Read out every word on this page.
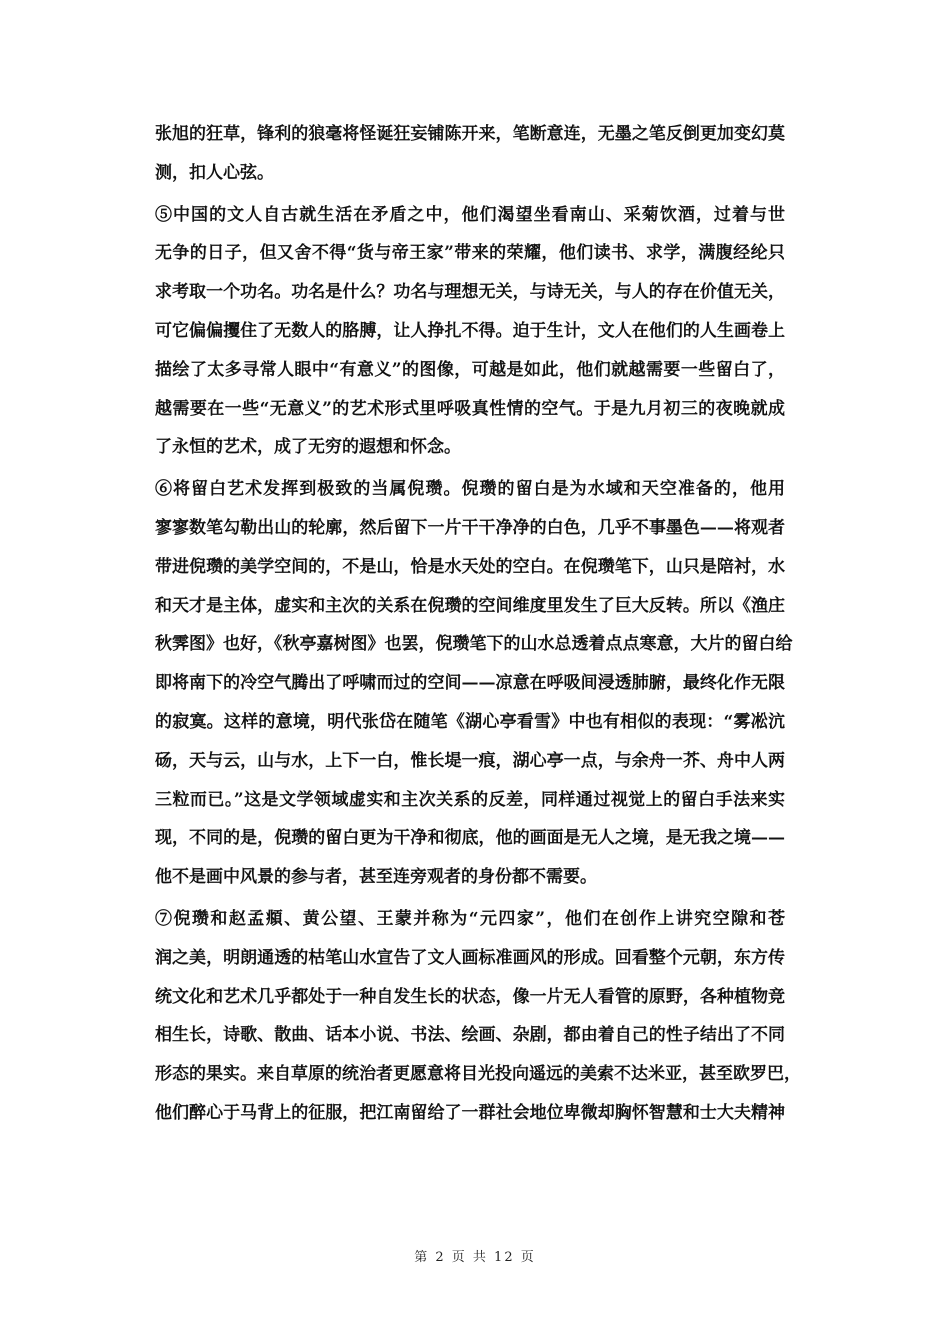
张旭的狂草，锋利的狼毫将怪诞狂妄铺陈开来，笔断意连，无墨之笔反倒更加变幻莫
测，扣人心弦。
⑤中国的文人自古就生活在矛盾之中，他们渴望坐看南山、采菊饮酒，过着与世
无争的日子，但又舍不得“货与帝王家”带来的荣耀，他们读书、求学，满腹经纶只
求考取一个功名。功名是什么？功名与理想无关，与诗无关，与人的存在价值无关，
可它偏偏攫住了无数人的胳膊，让人挣扎不得。迫于生计，文人在他们的人生画卷上
描绘了太多寻常人眼中“有意义”的图像，可越是如此，他们就越需要一些留白了，
越需要在一些“无意义”的艺术形式里呼吸真性情的空气。于是九月初三的夜晚就成
了永恒的艺术，成了无穷的遐想和怀念。
⑥将留白艺术发挥到极致的当属倪瓒。倪瓒的留白是为水域和天空准备的，他用
寥寥数笔勾勒出山的轮廓，然后留下一片干干净净的白色，几乎不事墨色——将观者
带进倪瓒的美学空间的，不是山，恰是水天处的空白。在倪瓒笔下，山只是陪衬，水
和天才是主体，虚实和主次的关系在倪瓒的空间维度里发生了巨大反转。所以《渔庄
秋霁图》也好，《秋亭嘉树图》也罢，倪瓒笔下的山水总透着点点寒意，大片的留白给
即将南下的冷空气腾出了呼啸而过的空间——凉意在呼吸间浸透肺腑，最终化作无限
的寂寞。这样的意境，明代张岱在随笔《湖心亭看雪》中也有相似的表现：“雾凇沆
砀，天与云，山与水，上下一白，惟长堤一痕，湖心亭一点，与余舟一芥、舟中人两
三粒而已。”这是文学领域虚实和主次关系的反差，同样通过视觉上的留白手法来实
现，不同的是，倪瓒的留白更为干净和彻底，他的画面是无人之境，是无我之境——
他不是画中风景的参与者，甚至连旁观者的身份都不需要。
⑦倪瓒和赵孟頫、黄公望、王蒙并称为“元四家”，他们在创作上讲究空隙和苍
润之美，明朗通透的枯笔山水宣告了文人画标准画风的形成。回看整个元朝，东方传
统文化和艺术几乎都处于一种自发生长的状态，像一片无人看管的原野，各种植物竞
相生长，诗歌、散曲、话本小说、书法、绘画、杂剧，都由着自己的性子结出了不同
形态的果实。来自草原的统治者更愿意将目光投向遥远的美索不达米亚，甚至欧罗巴，
他们醉心于马背上的征服，把江南留给了一群社会地位卑微却胸怀智慧和士大夫精神
第 2 页 共 12 页
